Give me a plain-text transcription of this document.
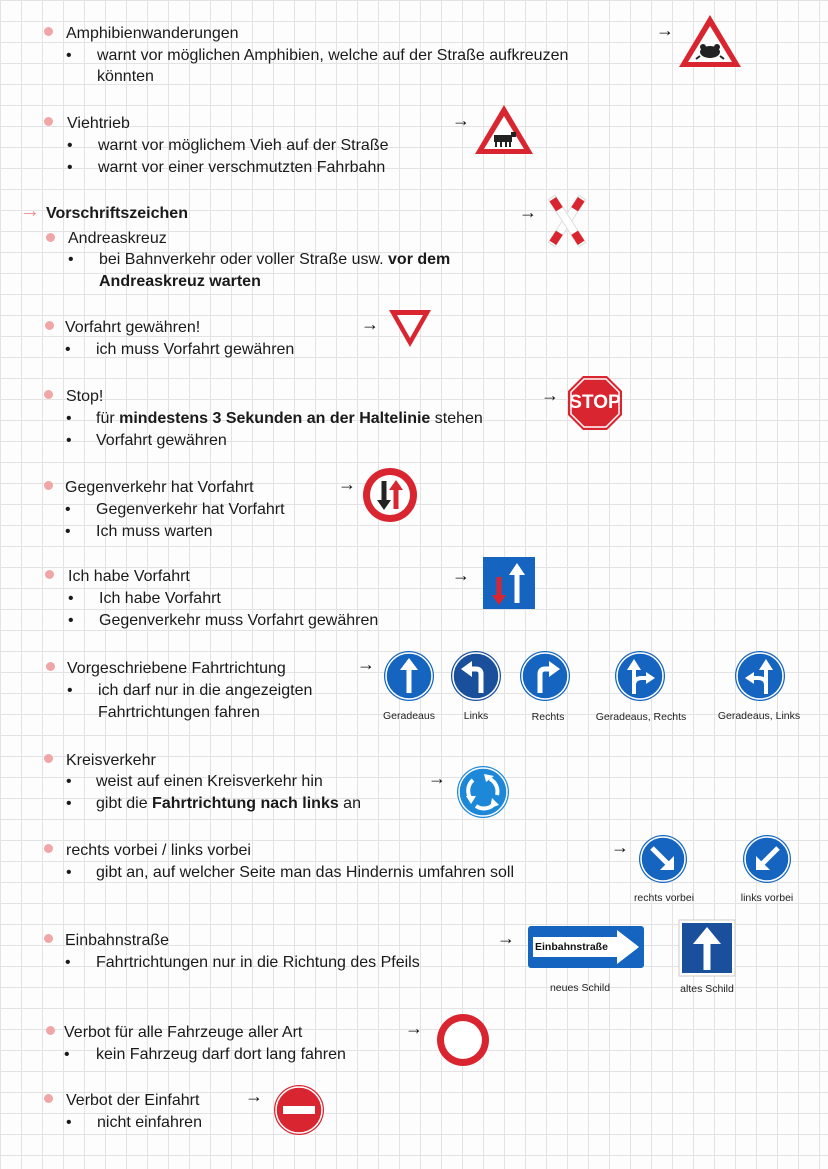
Amphibienwanderungen
• warnt vor möglichen Amphibien, welche auf der Straße aufkreuzen
könnten
→
Viehtrieb
• warnt vor möglichem Vieh auf der Straße
• warnt vor einer verschmutzten Fahrbahn
→
→ Vorschriftszeichen	→
Andreaskreuz
• bei Bahnverkehr oder voller Straße usw. vor dem
Andreaskreuz warten
Vorfahrt gewähren!
• ich muss Vorfahrt gewähren
→
Stop!
• für mindestens 3 Sekunden an der Haltelinie stehen
• Vorfahrt gewähren
→ STOP
Gegenverkehr hat Vorfahrt
• Gegenverkehr hat Vorfahrt
• Ich muss warten
→
Ich habe Vorfahrt
• Ich habe Vorfahrt
• Gegenverkehr muss Vorfahrt gewähren
→
Vorgeschriebene Fahrtrichtung
• ich darf nur in die angezeigten
Fahrtrichtungen fahren
→
Geradeaus	Links	Rechts	Geradeaus, Rechts	Geradeaus, Links
Kreisverkehr
• weist auf einen Kreisverkehr hin
• gibt die Fahrtrichtung nach links an
→
rechts vorbei / links vorbei
• gibt an, auf welcher Seite man das Hindernis umfahren soll
→
rechts vorbei	links vorbei
Einbahnstraße
• Fahrtrichtungen nur in die Richtung des Pfeils
→ Einbahnstraße
neues Schild	altes Schild
Verbot für alle Fahrzeuge aller Art
• kein Fahrzeug darf dort lang fahren
→
Verbot der Einfahrt
• nicht einfahren
→
